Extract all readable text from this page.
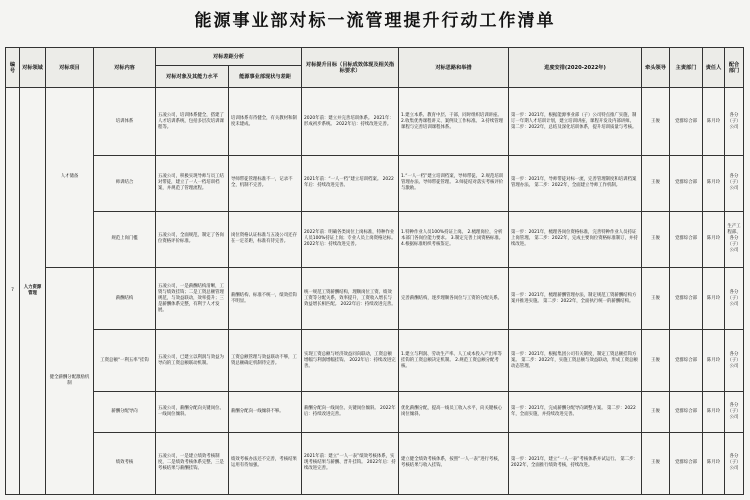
能源事业部对标一流管理提升行动工作清单
编号	对标领域	对标项目	对标内容	对标差距分析		对标提升目标（目标成效体现及相关指标要求）	对标思路和举措	进度安排(2020-2022年)	牵头领导	主责部门	责任人	配合部门
				对标对象及其能力水平	能源事业部现状与差距							
7	人力资源管理	人才储备	培训体系	五凌公司，培训体系健全，搭建了人才培训系统，包括多层次培训课程等。	培训体系有待健全，有关教材和制度未建成。	2020年前：建立并完善培训体系。 2021年：形成初步系统。 2022年后：持续改进完善。	1.建立本系、教育中层、干部，同时组织培训讲座。 2.收集优秀课程讲义、案例及工作标准。 3.持续管理课程与完善培训课程体系。	第一步：2021年，根据能源事业部（子）公司特点推广实施，制订一年期人才培训计划，建立培训讲座，课程开发及内部讲师。 第二步：2022年，总结及深化培训体系，提升培训质量与考核。	王俊	党群综合部	陈月玲	各分（子）公司
			师训结合	五凌公司，积极实现导师与员工结对带徒，建立了一人一档培训档案，并规范了管理流程。	导师带徒管理标准不一，记录不全，机制不完善。	2021年前：“一人一档”建立培训档案。 2022年后：持续改进完善。	1.“一人一档”建立培训档案，导师带徒。 2.规范培训管理办法、导师带徒管理。 3.师徒结对落实考核评价与激励。	第一步：2021年，导师带徒对标一流，完善管理制度和培训档案管理办法。 第二步：2022年，全面建立导师工作机制。	王俊	党群综合部	陈月玲	各分（子）公司
			规范上岗门槛	五凌公司，全面规范，制定了各岗位资格评价标准。	岗位资格认证标准与五凌公司还存在一定差距，标准有待完善。	2022年前：明确各类岗位上岗标准，特种作业人员100%持证上岗；专业人员上岗资格达标。 2022年后：持续改进完善。	1.特种作业人员100%持证上岗。 2.梳理岗位，分析本部门各岗位能力要求。 3.制定完善上岗资格标准。 4.根据标准组织考核鉴定。	第一步：2021年，梳理各岗位资格标准，完善特种作业人员持证上岗管理。 第二步：2022年，完成主要岗位资格标准制订，并持续改进。	王俊	党群综合部	陈月玲	生产工程部、各分（子）公司
		健全薪酬分配激励机制	薪酬结构	五凌公司，一是薪酬结构清晰，工资与绩效挂钩；二是工资总额管理规范，与效益联动，效率提升；三是薪酬体系完整，有利于人才发展。	薪酬结构、标准不统一，绩效挂钩不明显。	统一规范工资薪酬结构，理顺岗位工资、绩效工资等分配关系，效率提升，工资收入增长与效益增长相匹配。 2022年后：持续改进完善。	完善薪酬结构，逐步理顺各岗位与工资的分配关系。	第一步：2021年，梳理薪酬管理办法，制定规范工资薪酬结构方案并推进实施。 第二步：2022年，全面执行统一的薪酬结构。	王俊	党群综合部	陈月玲	各分（子）公司
			工资总额“一利五率”挂钩	五凌公司，已建立以利润与效益为导向的工资总额联动机制。	工资总额管理与效益联动不够，工资总额确定机制待完善。	实现工资总额与经济效益同向联动，工资总额增幅与利润增幅挂钩。 2022年后：持续改进完善。	1.建立与利润、劳动生产率、人工成本投入产出率等挂钩的工资总额决定机制。 2.规范工资总额分配考核。	第一步：2021年，根据集团公司有关制度，制定工资总额挂钩方案。 第二步：2022年，实施工资总额与效益联动，形成工资总额动态管理。	王俊	党群综合部	陈月玲	各分（子）公司
			薪酬分配导向	五凌公司，薪酬分配向关键岗位、一线岗位倾斜。	薪酬分配向一线倾斜不够。	薪酬分配向一线岗位、关键岗位倾斜。 2022年后：持续改进完善。	优化薪酬分配，提高一线员工收入水平，向关键核心岗位倾斜。	第一步：2021年，完成薪酬分配导向调整方案。 第二步：2022年，全面实施，并持续改进完善。	王俊	党群综合部	陈月玲	各分（子）公司
			绩效考核	五凌公司，一是建立绩效考核制度，二是绩效考核体系完整，三是考核结果与薪酬挂钩。	绩效考核办法还不完善，考核结果运用有待加强。	2021年前：建立“一人一表”绩效考核体系，实现考核结果与薪酬、晋升挂钩。 2022年后：持续改进完善。	建立健全绩效考核体系，按照“一人一表”进行考核，考核结果与收入挂钩。	第一步：2021年，建立“一人一表”考核体系并试运行。 第二步：2022年，全面推行绩效考核，持续改进。	王俊	党群综合部	陈月玲	各分（子）公司
